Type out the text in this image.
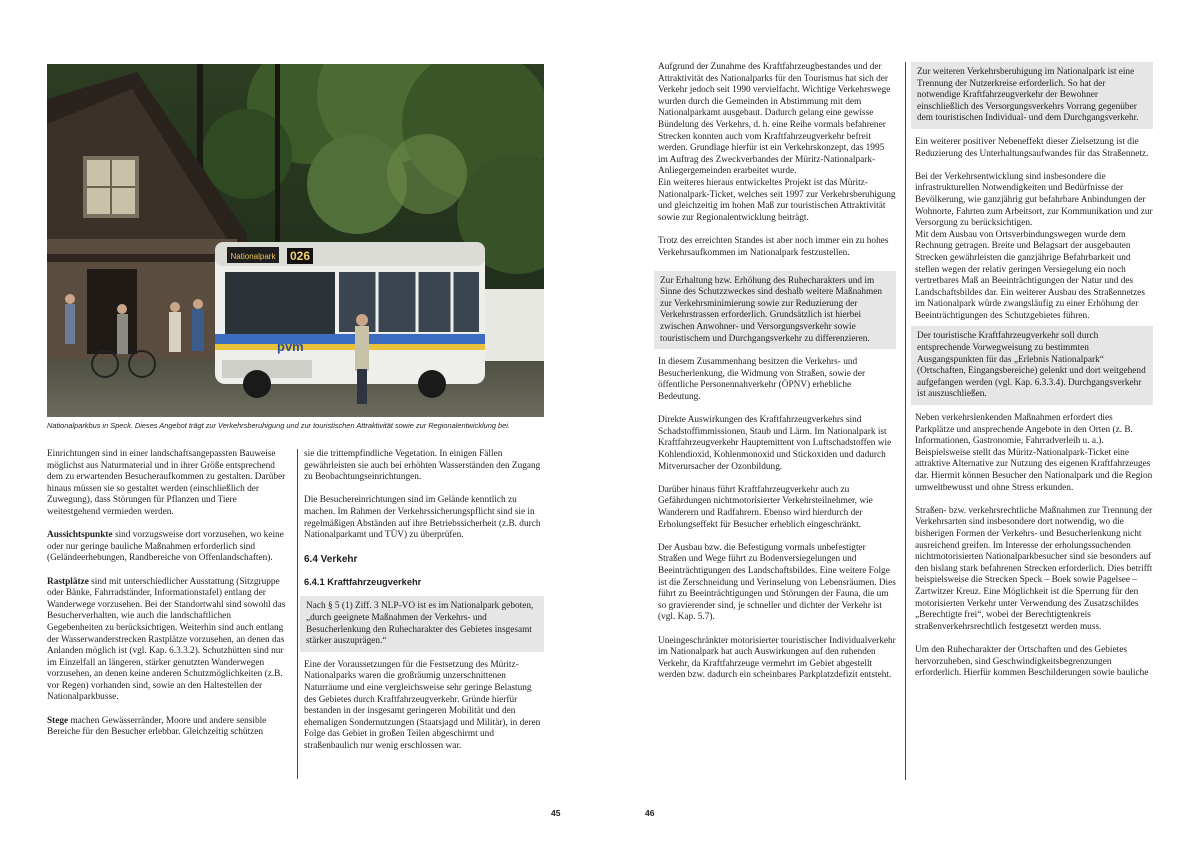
Nationalpark 026
pvm
Nationalparkbus in Speck. Dieses Angebot trägt zur Verkehrsberuhigung und zur touristischen Attraktivität sowie zur Regionalentwicklung bei.

Einrichtungen sind in einer landschaftsangepassten Bauweise möglichst aus Naturmaterial und in ihrer Größe entsprechend dem zu erwartenden Besucheraufkommen zu gestalten. Darüber hinaus müssen sie so gestaltet werden (einschließlich der Zuwegung), dass Störungen für Pflanzen und Tiere weitestgehend vermieden werden.

Aussichtspunkte sind vorzugsweise dort vorzusehen, wo keine oder nur geringe bauliche Maßnahmen erforderlich sind (Geländeerhebungen, Randbereiche von Offenlandschaften).

Rastplätze sind mit unterschiedlicher Ausstattung (Sitzgruppe oder Bänke, Fahrradständer, Informationstafel) entlang der Wanderwege vorzusehen. Bei der Standortwahl sind sowohl das Besucherverhalten, wie auch die landschaftlichen Gegebenheiten zu berücksichtigen. Weiterhin sind auch entlang der Wasserwanderstrecken Rastplätze vorzusehen, an denen das Anlanden möglich ist (vgl. Kap. 6.3.3.2). Schutzhütten sind nur im Einzelfall an längeren, stärker genutzten Wanderwegen vorzusehen, an denen keine anderen Schutzmöglichkeiten (z.B. vor Regen) vorhanden sind, sowie an den Haltestellen der Nationalparkbusse.

Stege machen Gewässerränder, Moore und andere sensible Bereiche für den Besucher erlebbar. Gleichzeitig schützen

sie die trittempfindliche Vegetation. In einigen Fällen gewährleisten sie auch bei erhöhten Wasserständen den Zugang zu Beobachtungseinrichtungen.

Die Besuchereinrichtungen sind im Gelände kenntlich zu machen. Im Rahmen der Verkehrssicherungspflicht sind sie in regelmäßigen Abständen auf ihre Betriebssicherheit (z.B. durch Nationalparkamt und TÜV) zu überprüfen.

6.4 Verkehr
6.4.1 Kraftfahrzeugverkehr
Nach § 5 (1) Ziff. 3 NLP-VO ist es im Nationalpark geboten, „durch geeignete Maßnahmen der Verkehrs- und Besucherlenkung den Ruhecharakter des Gebietes insgesamt stärker auszuprägen.“

Eine der Voraussetzungen für die Festsetzung des Müritz-Nationalparks waren die großräumig unzerschnittenen Naturräume und eine vergleichsweise sehr geringe Belastung des Gebietes durch Kraftfahrzeugverkehr. Gründe hierfür bestanden in der insgesamt geringeren Mobilität und den ehemaligen Sondernutzungen (Staatsjagd und Militär), in deren Folge das Gebiet in großen Teilen abgeschirmt und straßenbaulich nur wenig erschlossen war.

45

Aufgrund der Zunahme des Kraftfahrzeugbestandes und der Attraktivität des Nationalparks für den Tourismus hat sich der Verkehr jedoch seit 1990 vervielfacht. Wichtige Verkehrswege wurden durch die Gemeinden in Abstimmung mit dem Nationalparkamt ausgebaut. Dadurch gelang eine gewisse Bündelung des Verkehrs, d. h. eine Reihe vormals befahrener Strecken konnten auch vom Kraftfahrzeugverkehr befreit werden. Grundlage hierfür ist ein Verkehrskonzept, das 1995 im Auftrag des Zweckverbandes der Müritz-Nationalpark-Anliegergemeinden erarbeitet wurde.

Ein weiteres hieraus entwickeltes Projekt ist das Müritz-Nationalpark-Ticket, welches seit 1997 zur Verkehrsberuhigung und gleichzeitig im hohen Maß zur touristischen Attraktivität sowie zur Regionalentwicklung beiträgt.

Trotz des erreichten Standes ist aber noch immer ein zu hohes Verkehrsaufkommen im Nationalpark festzustellen.

Zur Erhaltung bzw. Erhöhung des Ruhecharakters und im Sinne des Schutzzweckes sind deshalb weitere Maßnahmen zur Verkehrsminimierung sowie zur Reduzierung der Verkehrstrassen erforderlich. Grundsätzlich ist hierbei zwischen Anwohner- und Versorgungsverkehr sowie touristischem und Durchgangsverkehr zu differenzieren.

In diesem Zusammenhang besitzen die Verkehrs- und Besucherlenkung, die Widmung von Straßen, sowie der öffentliche Personennahverkehr (ÖPNV) erhebliche Bedeutung.

Direkte Auswirkungen des Kraftfahrzeugverkehrs sind Schadstoffimmissionen, Staub und Lärm. Im Nationalpark ist Kraftfahrzeugverkehr Hauptemittent von Luftschadstoffen wie Kohlendioxid, Kohlenmonoxid und Stickoxiden und dadurch Mitverursacher der Ozonbildung.

Darüber hinaus führt Kraftfahrzeugverkehr auch zu Gefährdungen nichtmotorisierter Verkehrsteilnehmer, wie Wanderern und Radfahrern. Ebenso wird hierdurch der Erholungseffekt für Besucher erheblich eingeschränkt.

Der Ausbau bzw. die Befestigung vormals unbefestigter Straßen und Wege führt zu Bodenversiegelungen und Beeinträchtigungen des Landschaftsbildes. Eine weitere Folge ist die Zerschneidung und Verinselung von Lebensräumen. Dies führt zu Beeinträchtigungen und Störungen der Fauna, die um so gravierender sind, je schneller und dichter der Verkehr ist (vgl. Kap. 5.7).

Uneingeschränkter motorisierter touristischer Individualverkehr im Nationalpark hat auch Auswirkungen auf den ruhenden Verkehr, da Kraftfahrzeuge vermehrt im Gebiet abgestellt werden bzw. dadurch ein scheinbares Parkplatzdefizit entsteht.

Zur weiteren Verkehrsberuhigung im Nationalpark ist eine Trennung der Nutzerkreise erforderlich. So hat der notwendige Kraftfahrzeugverkehr der Bewohner einschließlich des Versorgungsverkehrs Vorrang gegenüber dem touristischen Individual- und dem Durchgangsverkehr.

Ein weiterer positiver Nebeneffekt dieser Zielsetzung ist die Reduzierung des Unterhaltungsaufwandes für das Straßennetz.

Bei der Verkehrsentwicklung sind insbesondere die infrastrukturellen Notwendigkeiten und Bedürfnisse der Bevölkerung, wie ganzjährig gut befahrbare Anbindungen der Wohnorte, Fahrten zum Arbeitsort, zur Kommunikation und zur Versorgung zu berücksichtigen.

Mit dem Ausbau von Ortsverbindungswegen wurde dem Rechnung getragen. Breite und Belagsart der ausgebauten Strecken gewährleisten die ganzjährige Befahrbarkeit und stellen wegen der relativ geringen Versiegelung ein noch vertretbares Maß an Beeinträchtigungen der Natur und des Landschaftsbildes dar. Ein weiterer Ausbau des Straßennetzes im Nationalpark würde zwangsläufig zu einer Erhöhung der Beeinträchtigungen des Schutzgebietes führen.

Der touristische Kraftfahrzeugverkehr soll durch entsprechende Vorwegweisung zu bestimmten Ausgangspunkten für das „Erlebnis Nationalpark“ (Ortschaften, Eingangsbereiche) gelenkt und dort weitgehend aufgefangen werden (vgl. Kap. 6.3.3.4). Durchgangsverkehr ist auszuschließen.

Neben verkehrslenkenden Maßnahmen erfordert dies Parkplätze und ansprechende Angebote in den Orten (z. B. Informationen, Gastronomie, Fahrradverleih u. a.). Beispielsweise stellt das Müritz-Nationalpark-Ticket eine attraktive Alternative zur Nutzung des eigenen Kraftfahrzeuges dar. Hiermit können Besucher den Nationalpark und die Region umweltbewusst und ohne Stress erkunden.

Straßen- bzw. verkehrsrechtliche Maßnahmen zur Trennung der Verkehrsarten sind insbesondere dort notwendig, wo die bisherigen Formen der Verkehrs- und Besucherlenkung nicht ausreichend greifen. Im Interesse der erholungssuchenden nichtmotorisierten Nationalparkbesucher sind sie besonders auf den bislang stark befahrenen Strecken erforderlich. Dies betrifft beispielsweise die Strecken Speck – Boek sowie Pagelsee – Zartwitzer Kreuz. Eine Möglichkeit ist die Sperrung für den motorisierten Verkehr unter Verwendung des Zusatzschildes „Berechtigte frei“, wobei der Berechtigtenkreis straßenverkehrsrechtlich festgesetzt werden muss.

Um den Ruhecharakter der Ortschaften und des Gebietes hervorzuheben, sind Geschwindigkeitsbegrenzungen erforderlich. Hierfür kommen Beschilderungen sowie bauliche

46
